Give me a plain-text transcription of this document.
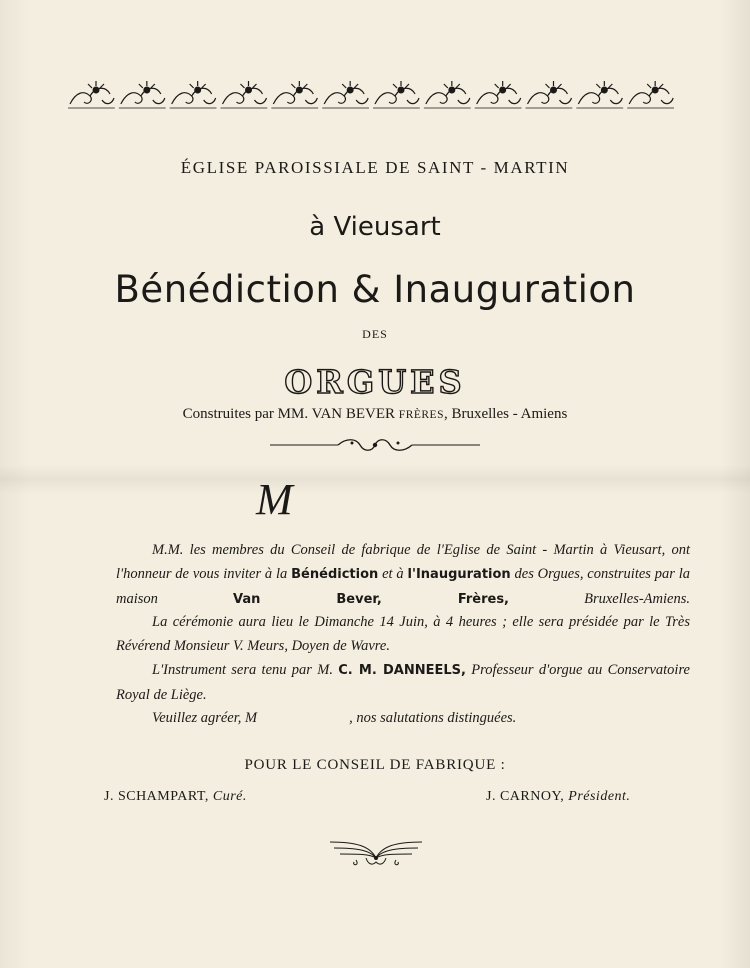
ÉGLISE PAROISSIALE DE SAINT - MARTIN
à Vieusart
Bénédiction & Inauguration
DES
ORGUES
Construites par MM. VAN BEVER FRÈRES, Bruxelles - Amiens
M

M.M. les membres du Conseil de fabrique de l'Eglise de Saint - Martin à Vieusart, ont l'honneur de vous inviter à la Bénédiction et à l'Inauguration des Orgues, construites par la maison	Van Bever, Frères,	Bruxelles-Amiens.

La cérémonie aura lieu le Dimanche 14 Juin, à 4 heures ; elle sera présidée par le Très Révérend Monsieur V. Meurs, Doyen de Wavre.

L'Instrument sera tenu par M. C. M. DANNEELS, Professeur d'orgue au Conservatoire Royal de Liège.

Veuillez agréer, M	, nos salutations distinguées.

POUR LE CONSEIL DE FABRIQUE :
J. SCHAMPART, Curé.	J. CARNOY, Président.
